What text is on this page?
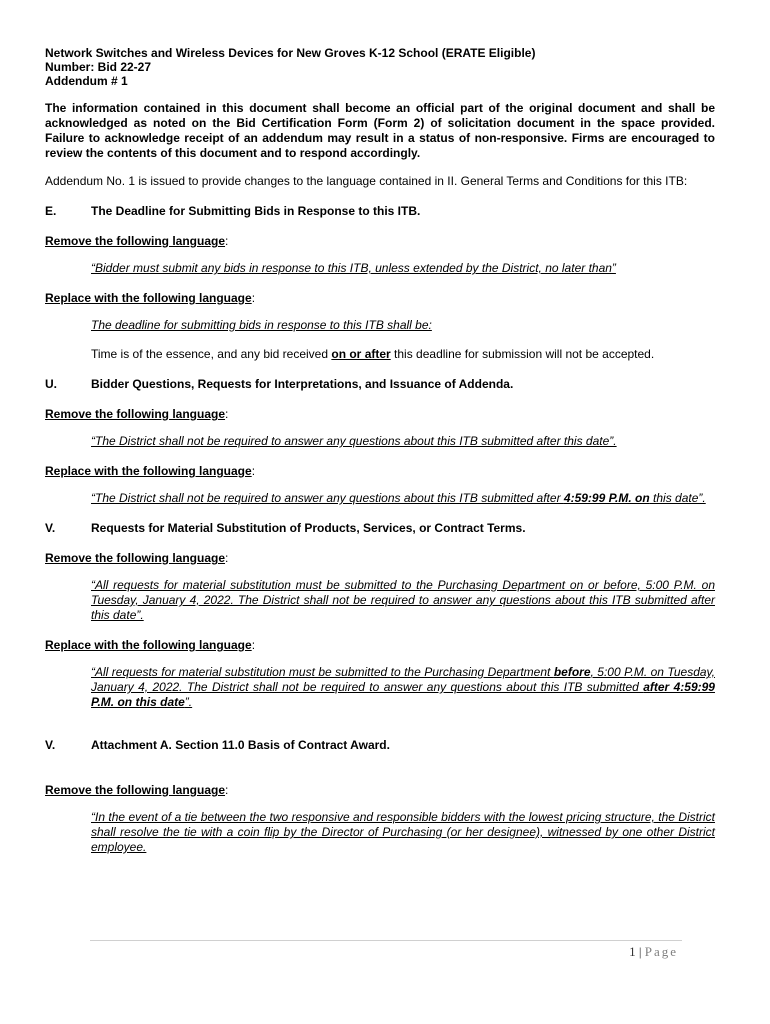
Network Switches and Wireless Devices for New Groves K-12 School (ERATE Eligible)
Number: Bid 22-27
Addendum # 1
The information contained in this document shall become an official part of the original document and shall be acknowledged as noted on the Bid Certification Form (Form 2) of solicitation document in the space provided. Failure to acknowledge receipt of an addendum may result in a status of non-responsive. Firms are encouraged to review the contents of this document and to respond accordingly.
Addendum No. 1 is issued to provide changes to the language contained in II. General Terms and Conditions for this ITB:
E.	The Deadline for Submitting Bids in Response to this ITB.
Remove the following language:
“Bidder must submit any bids in response to this ITB, unless extended by the District, no later than”
Replace with the following language:
The deadline for submitting bids in response to this ITB shall be:
Time is of the essence, and any bid received on or after this deadline for submission will not be accepted.
U.	Bidder Questions, Requests for Interpretations, and Issuance of Addenda.
Remove the following language:
“The District shall not be required to answer any questions about this ITB submitted after this date”.
Replace with the following language:
“The District shall not be required to answer any questions about this ITB submitted after 4:59:99 P.M. on this date”.
V.	Requests for Material Substitution of Products, Services, or Contract Terms.
Remove the following language:
“All requests for material substitution must be submitted to the Purchasing Department on or before, 5:00 P.M. on Tuesday, January 4, 2022. The District shall not be required to answer any questions about this ITB submitted after this date”.
Replace with the following language:
“All requests for material substitution must be submitted to the Purchasing Department before, 5:00 P.M. on Tuesday, January 4, 2022. The District shall not be required to answer any questions about this ITB submitted after 4:59:99 P.M. on this date”.
V.	Attachment A. Section 11.0 Basis of Contract Award.
Remove the following language:
“In the event of a tie between the two responsive and responsible bidders with the lowest pricing structure, the District shall resolve the tie with a coin flip by the Director of Purchasing (or her designee), witnessed by one other District employee.
1 | Page
